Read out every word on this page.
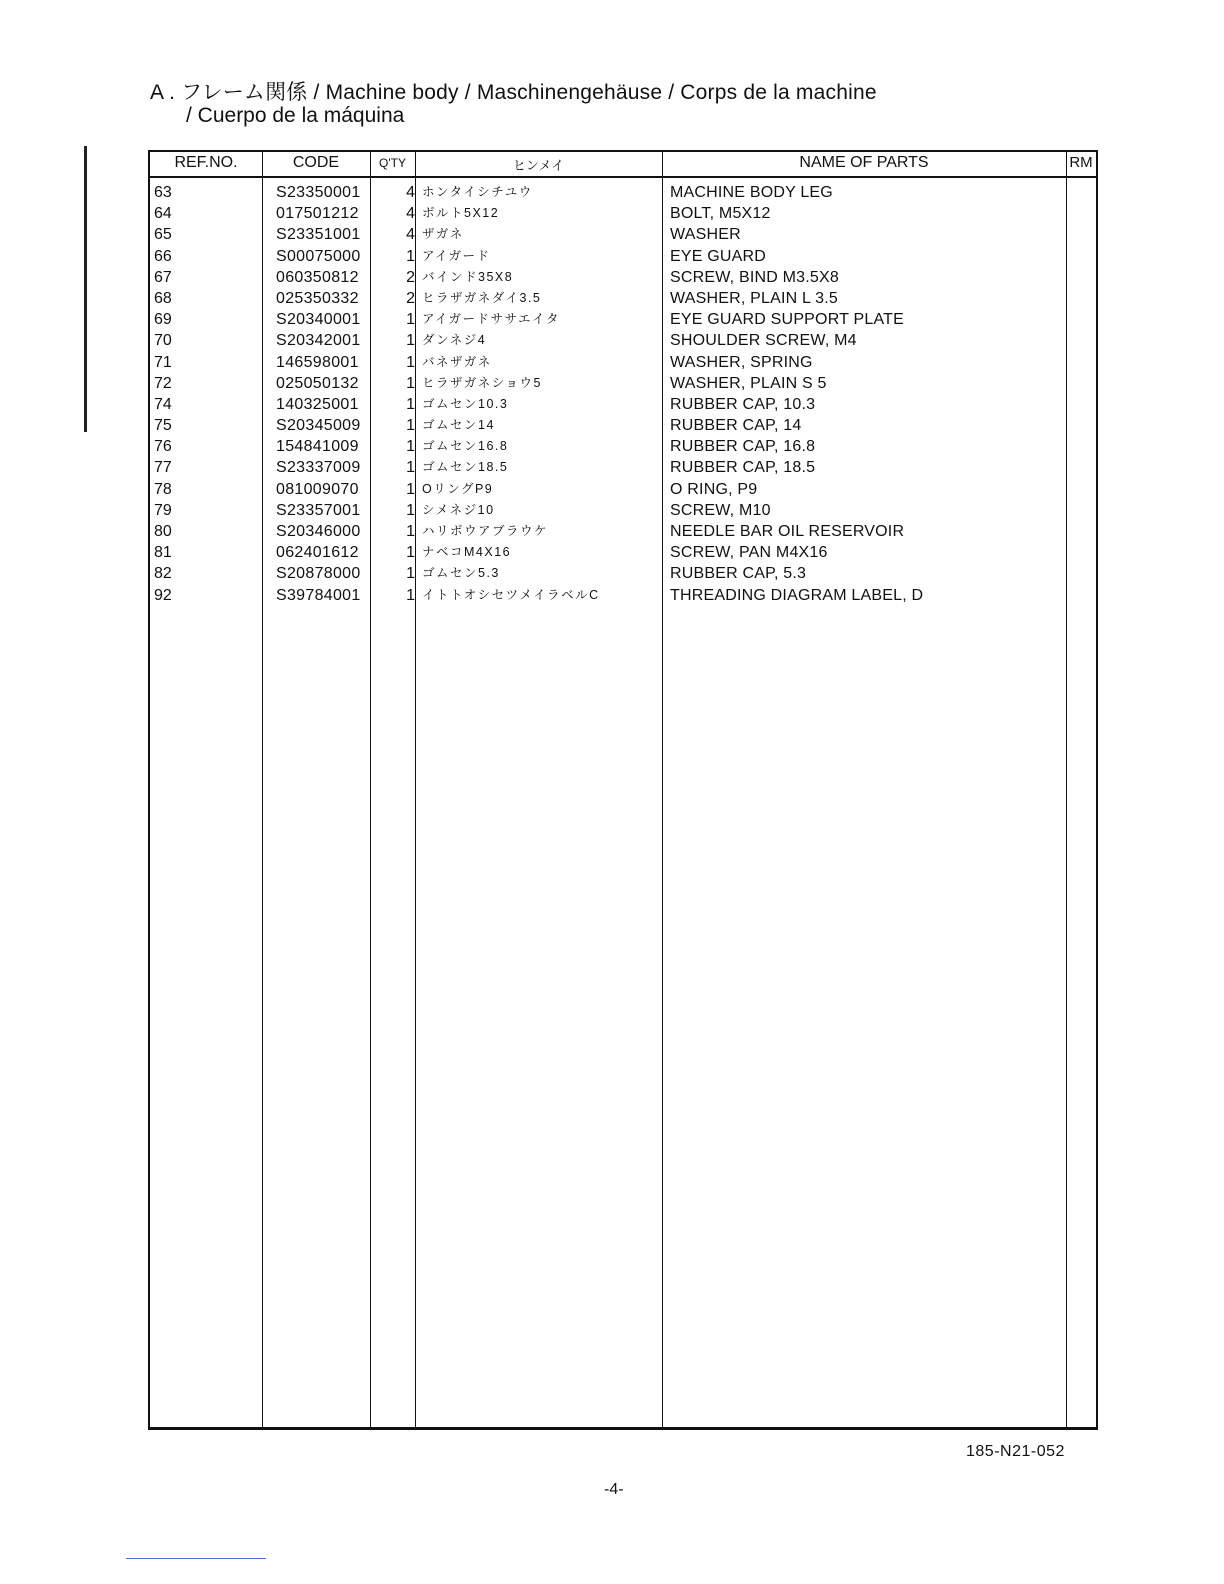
A . フレーム関係 / Machine body / Maschinengehäuse / Corps de la machine
/ Cuerpo de la máquina
REF.NO.	CODE	Q'TY	ヒンメイ	NAME OF PARTS	RM
63	S23350001	4 ホンタイシチユウ	MACHINE BODY LEG
64	017501212	4 ボルト5X12	BOLT, M5X12
65	S23351001	4 ザガネ	WASHER
66	S00075000	1 アイガード	EYE GUARD
67	060350812	2 バインド35X8	SCREW, BIND M3.5X8
68	025350332	2 ヒラザガネダイ3.5	WASHER, PLAIN L 3.5
69	S20340001	1 アイガードササエイタ	EYE GUARD SUPPORT PLATE
70	S20342001	1 ダンネジ4	SHOULDER SCREW, M4
71	146598001	1 バネザガネ	WASHER, SPRING
72	025050132	1 ヒラザガネショウ5	WASHER, PLAIN S 5
74	140325001	1 ゴムセン10.3	RUBBER CAP, 10.3
75	S20345009	1 ゴムセン14	RUBBER CAP, 14
76	154841009	1 ゴムセン16.8	RUBBER CAP, 16.8
77	S23337009	1 ゴムセン18.5	RUBBER CAP, 18.5
78	081009070	1 OリングP9	O RING, P9
79	S23357001	1 シメネジ10	SCREW, M10
80	S20346000	1 ハリボウアブラウケ	NEEDLE BAR OIL RESERVOIR
81	062401612	1 ナベコM4X16	SCREW, PAN M4X16
82	S20878000	1 ゴムセン5.3	RUBBER CAP, 5.3
92	S39784001	1 イトトオシセツメイラベルC	THREADING DIAGRAM LABEL, D
185-N21-052
-4-
